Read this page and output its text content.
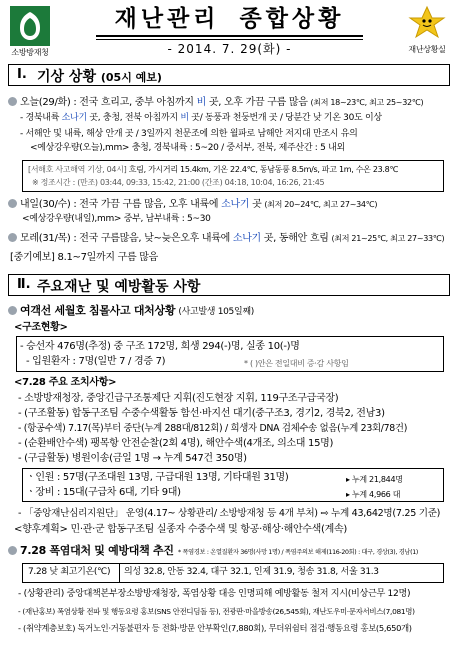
소방방재청
재난관리 종합상황
- 2014. 7. 29(화) -	재난상황실
Ⅰ. 기상 상황 (05시 예보)
오늘(29/화) : 전국 흐리고, 중부 아침까지 비 곳, 오후 가끔 구름 많음 (최저 18~23℃, 최고 25~32℃)
- 경북내륙 소나기 곳, 충청, 전북 아침까지 비 곳/ 동풍과 천둥번개 곳 / 당분간 낮 기온 30도 이상
- 서해안 및 내륙, 해상 안개 곳 / 3일까지 천문조에 의한 월파로 남해안 저지대 만조시 유의
<예상강우량(오늘),mm> 충청, 경북내륙 : 5~20 / 중서부, 전북, 제주산간 : 5 내외
[서해호 사고해역 기상, 04시] 흐림, 가시거리 15.4km, 기온 22.4℃, 동남동풍 8.5m/s, 파고 1m, 수온 23.8℃
※ 정조시간 : (만조) 03:44, 09:33, 15:42, 21:00 (간조) 04:18, 10:04, 16:26, 21:45
내일(30/수) : 전국 가끔 구름 많음, 오후 내륙에 소나기 곳 (최저 20~24℃, 최고 27~34℃)
<예상강우량(내일),mm> 중부, 남부내륙 : 5~30
모레(31/목) : 전국 구름많음, 낮~늦은오후 내륙에 소나기 곳, 동해안 흐림 (최저 21~25℃, 최고 27~33℃)
[중기예보] 8.1~7일까지 구름 많음
Ⅱ. 주요재난 및 예방활동 사항
여객선 세월호 침몰사고 대처상황 (사고발생 105일째)
<구조현황>
- 승선자 476명(추정) 중 구조 172명, 희생 294(-)명, 실종 10(-)명
- 입원환자 : 7명(일반 7 / 경증 7)	* ( )안은 전일대비 증·감 사항임
<7.28 주요 조치사항>
- 소방방재청장, 중앙긴급구조통제단 지휘(진도현장 지휘, 119구조구급국장)
- (구조활동) 합동구조팀 수중수색활동 함선·바지선 대기(중구조3, 경기2, 경북2, 전남3)
- (항공수색) 7.17(목)부터 중단(누계 288대/812회) / 희생자 DNA 검체수송 없음(누계 23회/78건)
- (순환배안수색) 팽목항 안전순찰(2회 4명), 해안수색(4개조, 의소대 15명)
- (구급활동) 병원이송(금일 1명 → 누계 547건 350명)
ㆍ인원 : 57명(구조대원 13명, 구급대원 13명, 기타대원 31명)	▸ 누계 21,844명
ㆍ장비 : 15대(구급차 6대, 기타 9대)	▸ 누계 4,966 대
- 「중앙재난심리지원단」 운영(4.17~ 상황관리/ 소방방재청 등 4개 부처) ⇨ 누계 43,642명(7.25 기준)
<향후계획> 민·관·군 합동구조팀 실종자 수중수색 및 항공·해상·해안수색(계속)
7.28 폭염대처 및 예방대책 추진 * 폭염경보 : 온열질환자 36명(사망 1명) / 폭염주의보 해제(116-20회) : 대구, 경상(3), 경남(1)
7.28 낮 최고기온(℃) 의성 32.8, 안동 32.4, 대구 32.1, 인제 31.9, 청송 31.8, 서울 31.3
- (상황관리) 중앙대책본부장소방방재청장, 폭염상황 대응 인명피해 예방활동 철저 지시(비상근무 12명)
- (재난홍보) 폭염상황 전파 및 행동요령 홍보(SNS 안전디딤돌 등), 전광판·마을방송(26,545회), 재난도우미·문자서비스(7,081명)
- (취약계층보호) 독거노인·거동불편자 등 전화·방문 안부확인(7,880회), 무더위쉼터 점검·행동요령 홍보(5,650개)
